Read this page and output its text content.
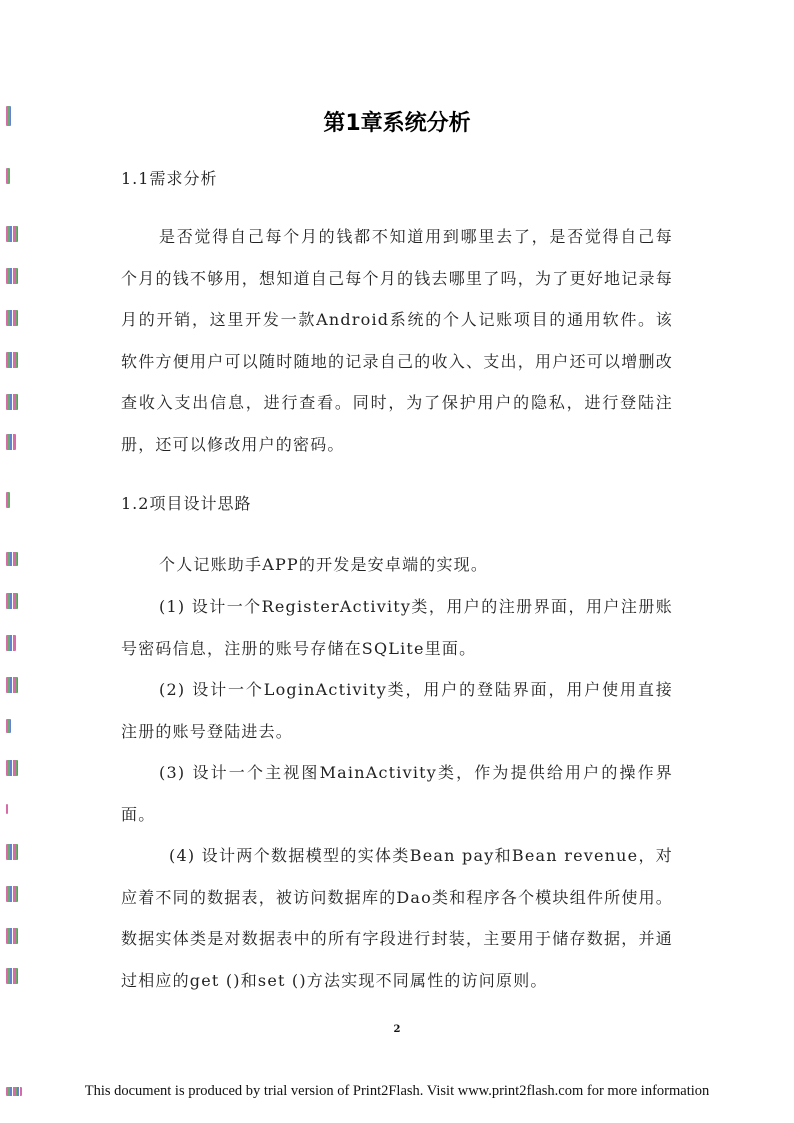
第1章系统分析
1.1需求分析

是否觉得自己每个月的钱都不知道用到哪里去了，是否觉得自己每个月的钱不够用，想知道自己每个月的钱去哪里了吗，为了更好地记录每月的开销，这里开发一款Android系统的个人记账项目的通用软件。该软件方便用户可以随时随地的记录自己的收入、支出，用户还可以增删改查收入支出信息，进行查看。同时，为了保护用户的隐私，进行登陆注册，还可以修改用户的密码。

1.2项目设计思路

个人记账助手APP的开发是安卓端的实现。

(1) 设计一个RegisterActivity类，用户的注册界面，用户注册账号密码信息，注册的账号存储在SQLite里面。

(2) 设计一个LoginActivity类，用户的登陆界面，用户使用直接注册的账号登陆进去。

(3) 设计一个主视图MainActivity类，作为提供给用户的操作界面。

(4) 设计两个数据模型的实体类Bean pay和Bean revenue，对应着不同的数据表，被访问数据库的Dao类和程序各个模块组件所使用。数据实体类是对数据表中的所有字段进行封装，主要用于储存数据，并通过相应的get ()和set ()方法实现不同属性的访问原则。

2
This document is produced by trial version of Print2Flash. Visit www.print2flash.com for more information
